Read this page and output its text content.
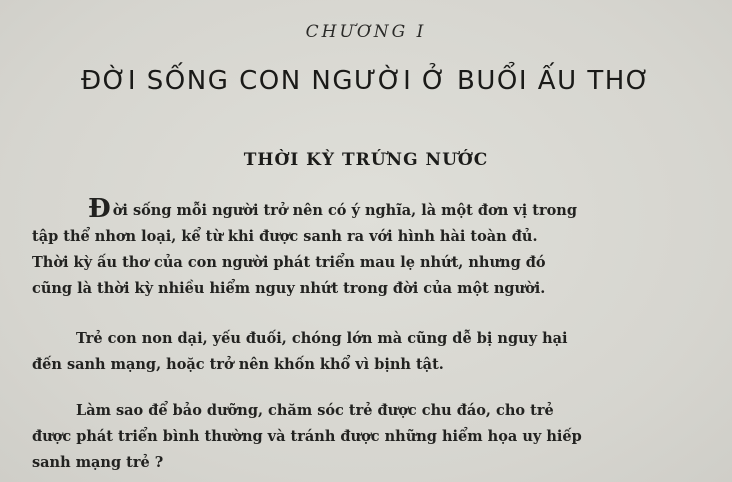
CHƯƠNG I
ĐỜI SỐNG CON NGƯỜI Ở BUỔI ẤU THƠ
THỜI KỲ TRỨNG NƯỚC
Đời sống mỗi người trở nên có ý nghĩa, là một đơn vị trong
tập thể nhơn loại, kể từ khi được sanh ra với hình hài toàn đủ.
Thời kỳ ấu thơ của con người phát triển mau lẹ nhứt, nhưng đó
cũng là thời kỳ nhiều hiểm nguy nhứt trong đời của một người.
Trẻ con non dại, yếu đuối, chóng lớn mà cũng dễ bị nguy hại
đến sanh mạng, hoặc trở nên khốn khổ vì bịnh tật.
Làm sao để bảo dưỡng, chăm sóc trẻ được chu đáo, cho trẻ
được phát triển bình thường và tránh được những hiểm họa uy hiếp
sanh mạng trẻ ?
